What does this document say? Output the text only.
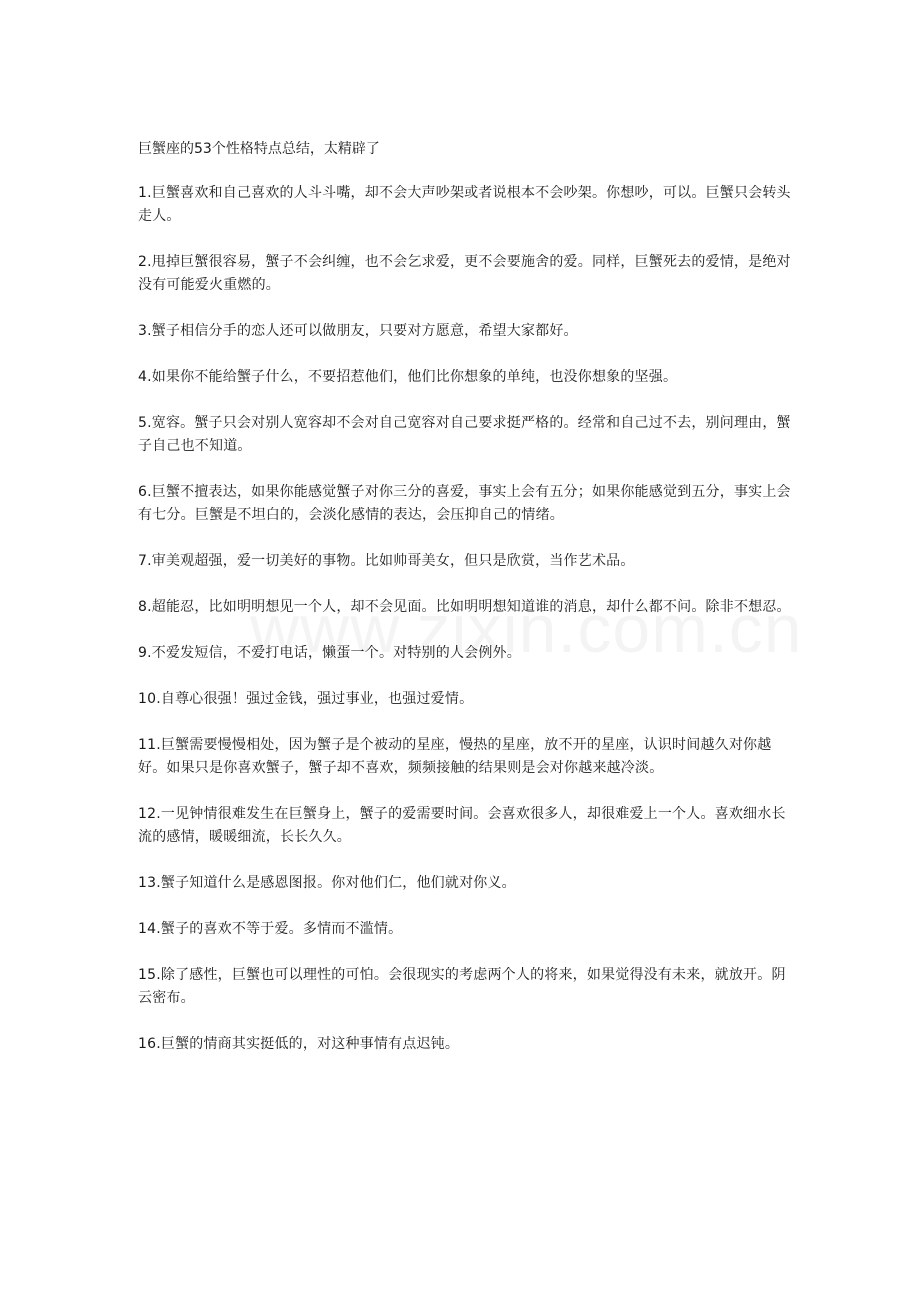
巨蟹座的53个性格特点总结，太精辟了

1.巨蟹喜欢和自己喜欢的人斗斗嘴，却不会大声吵架或者说根本不会吵架。你想吵，可以。巨蟹只会转头走人。

2.甩掉巨蟹很容易，蟹子不会纠缠，也不会乞求爱，更不会要施舍的爱。同样，巨蟹死去的爱情，是绝对没有可能爱火重燃的。

3.蟹子相信分手的恋人还可以做朋友，只要对方愿意，希望大家都好。

4.如果你不能给蟹子什么，不要招惹他们，他们比你想象的单纯，也没你想象的坚强。

5.宽容。蟹子只会对别人宽容却不会对自己宽容对自己要求挺严格的。经常和自己过不去，别问理由，蟹子自己也不知道。

6.巨蟹不擅表达，如果你能感觉蟹子对你三分的喜爱，事实上会有五分；如果你能感觉到五分，事实上会有七分。巨蟹是不坦白的，会淡化感情的表达，会压抑自己的情绪。

7.审美观超强，爱一切美好的事物。比如帅哥美女，但只是欣赏，当作艺术品。

8.超能忍，比如明明想见一个人，却不会见面。比如明明想知道谁的消息，却什么都不问。除非不想忍。

9.不爱发短信，不爱打电话，懒蛋一个。对特别的人会例外。

10.自尊心很强！强过金钱，强过事业，也强过爱情。

11.巨蟹需要慢慢相处，因为蟹子是个被动的星座，慢热的星座，放不开的星座，认识时间越久对你越好。如果只是你喜欢蟹子，蟹子却不喜欢，频频接触的结果则是会对你越来越冷淡。

12.一见钟情很难发生在巨蟹身上，蟹子的爱需要时间。会喜欢很多人，却很难爱上一个人。喜欢细水长流的感情，暖暖细流，长长久久。

13.蟹子知道什么是感恩图报。你对他们仁，他们就对你义。

14.蟹子的喜欢不等于爱。多情而不滥情。

15.除了感性，巨蟹也可以理性的可怕。会很现实的考虑两个人的将来，如果觉得没有未来，就放开。阴云密布。

16.巨蟹的情商其实挺低的，对这种事情有点迟钝。
